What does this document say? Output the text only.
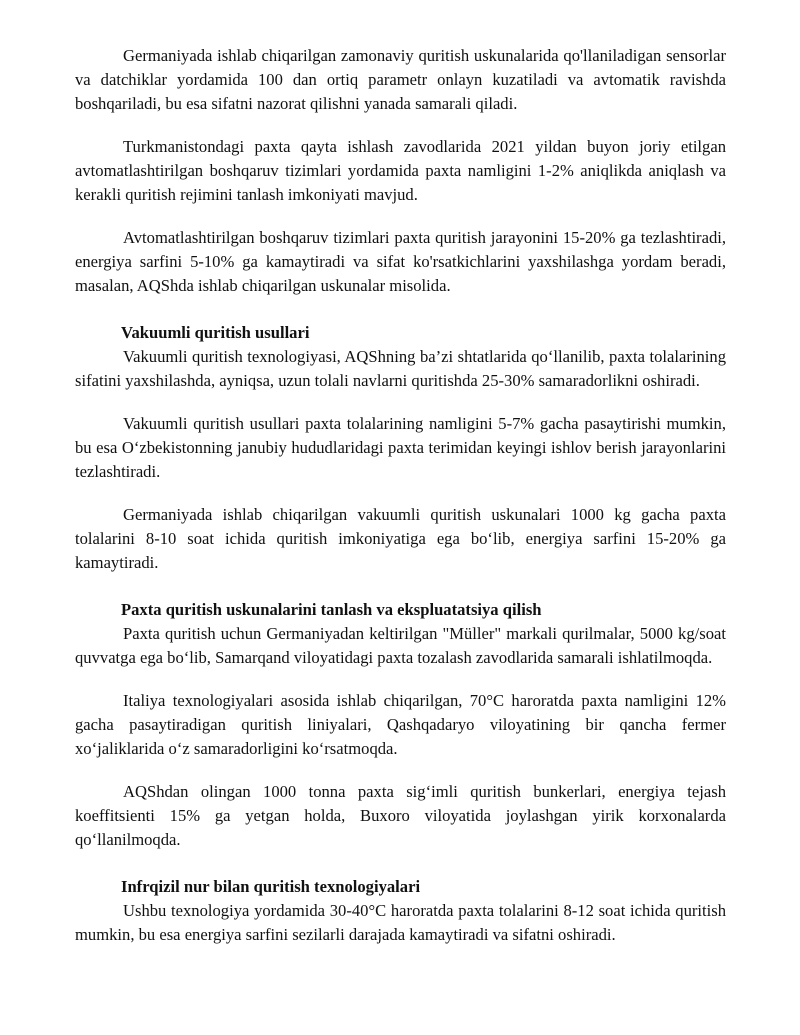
Germaniyada ishlab chiqarilgan zamonaviy quritish uskunalarida qo'llaniladigan sensorlar va datchiklar yordamida 100 dan ortiq parametr onlayn kuzatiladi va avtomatik ravishda boshqariladi, bu esa sifatni nazorat qilishni yanada samarali qiladi.

Turkmanistondagi paxta qayta ishlash zavodlarida 2021 yildan buyon joriy etilgan avtomatlashtirilgan boshqaruv tizimlari yordamida paxta namligini 1-2% aniqlikda aniqlash va kerakli quritish rejimini tanlash imkoniyati mavjud.

Avtomatlashtirilgan boshqaruv tizimlari paxta quritish jarayonini 15-20% ga tezlashtiradi, energiya sarfini 5-10% ga kamaytiradi va sifat ko'rsatkichlarini yaxshilashga yordam beradi, masalan, AQShda ishlab chiqarilgan uskunalar misolida.

Vakuumli quritish usullari

Vakuumli quritish texnologiyasi, AQShning ba’zi shtatlarida qo‘llanilib, paxta tolalarining sifatini yaxshilashda, ayniqsa, uzun tolali navlarni quritishda 25-30% samaradorlikni oshiradi.

Vakuumli quritish usullari paxta tolalarining namligini 5-7% gacha pasaytirishi mumkin, bu esa O‘zbekistonning janubiy hududlaridagi paxta terimidan keyingi ishlov berish jarayonlarini tezlashtiradi.

Germaniyada ishlab chiqarilgan vakuumli quritish uskunalari 1000 kg gacha paxta tolalarini 8-10 soat ichida quritish imkoniyatiga ega bo‘lib, energiya sarfini 15-20% ga kamaytiradi.

Paxta quritish uskunalarini tanlash va ekspluatatsiya qilish

Paxta quritish uchun Germaniyadan keltirilgan "Müller" markali qurilmalar, 5000 kg/soat quvvatga ega bo‘lib, Samarqand viloyatidagi paxta tozalash zavodlarida samarali ishlatilmoqda.

Italiya texnologiyalari asosida ishlab chiqarilgan, 70°C haroratda paxta namligini 12% gacha pasaytiradigan quritish liniyalari, Qashqadaryo viloyatining bir qancha fermer xo‘jaliklarida o‘z samaradorligini ko‘rsatmoqda.

AQShdan olingan 1000 tonna paxta sig‘imli quritish bunkerlari, energiya tejash koeffitsienti 15% ga yetgan holda, Buxoro viloyatida joylashgan yirik korxonalarda qo‘llanilmoqda.

Infrqizil nur bilan quritish texnologiyalari

Ushbu texnologiya yordamida 30-40°C haroratda paxta tolalarini 8-12 soat ichida quritish mumkin, bu esa energiya sarfini sezilarli darajada kamaytiradi va sifatni oshiradi.
